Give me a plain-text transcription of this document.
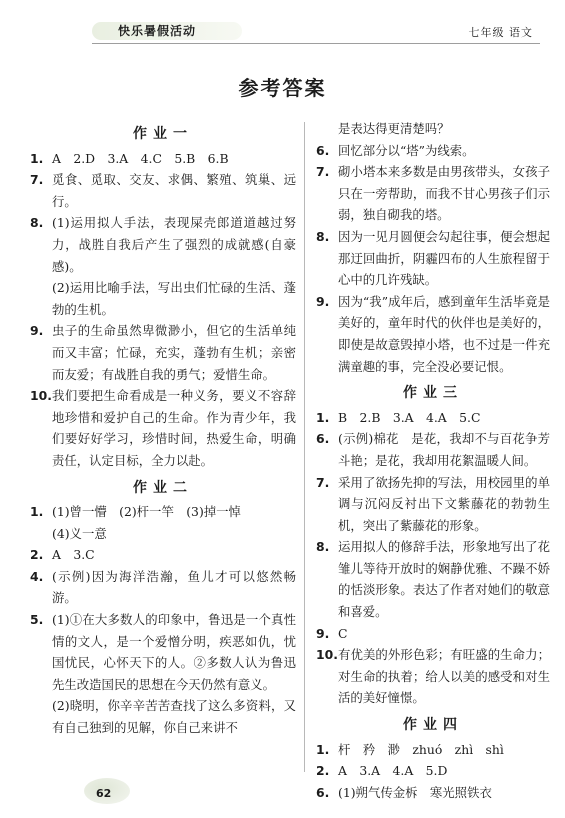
快乐暑假活动	七年级 语文
参考答案
作业一
1. A　2.D　3.A　4.C　5.B　6.B
7. 觅食、觅取、交友、求偶、繁殖、筑巢、远行。
8. (1)运用拟人手法，表现屎壳郎道道越过努力，战胜自我后产生了强烈的成就感(自豪感)。
(2)运用比喻手法，写出虫们忙碌的生活、蓬勃的生机。
9. 虫子的生命虽然卑微渺小，但它的生活单纯而又丰富；忙碌，充实，蓬勃有生机；亲密而友爱；有战胜自我的勇气；爱惜生命。
10. 我们要把生命看成是一种义务，要义不容辞地珍惜和爱护自己的生命。作为青少年，我们要好好学习，珍惜时间，热爱生命，明确责任，认定目标，全力以赴。
作业二
1. (1)曾一懵　(2)杆一竿　(3)掉一悼
(4)义一意
2. A　3.C
4. (示例)因为海洋浩瀚，鱼儿才可以悠然畅游。
5. (1)①在大多数人的印象中，鲁迅是一个真性情的文人，是一个爱憎分明，疾恶如仇，忧国忧民，心怀天下的人。②多数人认为鲁迅先生改造国民的思想在今天仍然有意义。
(2)晓明，你辛辛苦苦查找了这么多资料，又有自己独到的见解，你自己来讲不
是表达得更清楚吗？
6. 回忆部分以“塔”为线索。
7. 砌小塔本来多数是由男孩带头，女孩子只在一旁帮助，而我不甘心男孩子们示弱，独自砌我的塔。
8. 因为一见月圆便会勾起往事，便会想起那迂回曲折，阴霾四布的人生旅程留于心中的几许残缺。
9. 因为“我”成年后，感到童年生活毕竟是美好的，童年时代的伙伴也是美好的，即使是故意毁掉小塔，也不过是一件充满童趣的事，完全没必要记恨。
作业三
1. B　2.B　3.A　4.A　5.C
6. (示例)棉花　是花，我却不与百花争芳斗艳；是花，我却用花絮温暖人间。
7. 采用了欲扬先抑的写法，用校园里的单调与沉闷反衬出下文紫藤花的勃勃生机，突出了紫藤花的形象。
8. 运用拟人的修辞手法，形象地写出了花雏儿等待开放时的娴静优雅、不躁不娇的恬淡形象。表达了作者对她们的敬意和喜爱。
9. C
10. 有优美的外形色彩；有旺盛的生命力；对生命的执着；给人以美的感受和对生活的美好憧憬。
作业四
1. 杆　矜　渺　zhuó　zhì　shì
2. A　3.A　4.A　5.D
6. (1)朔气传金柝　寒光照铁衣
62
